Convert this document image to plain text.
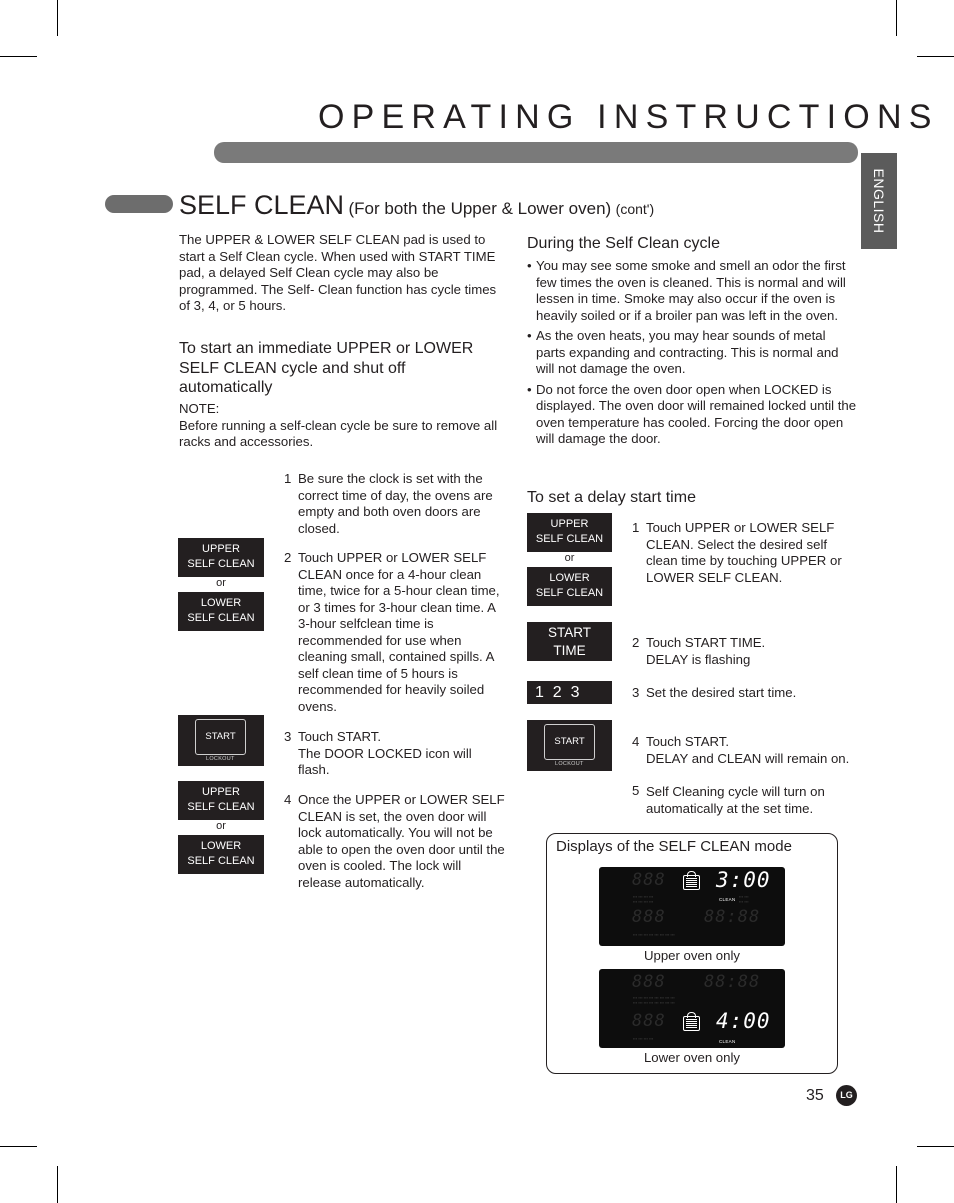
OPERATING INSTRUCTIONS
ENGLISH
SELF CLEAN (For both the Upper & Lower oven) (cont')
The UPPER & LOWER SELF CLEAN pad is used to start a Self Clean cycle. When used with START TIME pad, a delayed Self Clean cycle may also be programmed. The Self- Clean function has cycle times of 3, 4, or 5 hours.
To start an immediate UPPER or LOWER SELF CLEAN cycle and shut off automatically
NOTE:
Before running a self-clean cycle be sure to remove all racks and accessories.
1 Be sure the clock is set with the correct time of day, the ovens are empty and both oven doors are closed.
2 Touch UPPER or LOWER SELF CLEAN once for a 4-hour clean time, twice for a 5-hour clean time, or 3 times for 3-hour clean time. A 3-hour selfclean time is recommended for use when cleaning small, contained spills. A self clean time of 5 hours is recommended for heavily soiled ovens.
3 Touch START.
The DOOR LOCKED icon will flash.
4 Once the UPPER or LOWER SELF CLEAN is set, the oven door will lock automatically. You will not be able to open the oven door until the oven is cooled. The lock will release automatically.
UPPER
SELF CLEAN
or
LOWER
SELF CLEAN
START
LOCKOUT
UPPER
SELF CLEAN
or
LOWER
SELF CLEAN
During the Self Clean cycle
• You may see some smoke and smell an odor the first few times the oven is cleaned. This is normal and will lessen in time. Smoke may also occur if the oven is heavily soiled or if a broiler pan was left in the oven.
• As the oven heats, you may hear sounds of metal parts expanding and contracting. This is normal and will not damage the oven.
• Do not force the oven door open when LOCKED is displayed. The oven door will remained locked until the oven temperature has cooled. Forcing the door open will damage the door.
To set a delay start time
UPPER
SELF CLEAN
or
LOWER
SELF CLEAN
START
TIME
1  2  3
START
LOCKOUT
1 Touch UPPER or LOWER SELF CLEAN. Select the desired self clean time by touching UPPER or LOWER SELF CLEAN.
2 Touch START TIME.
DELAY is flashing
3 Set the desired start time.
4 Touch START.
DELAY and CLEAN will remain on.
5 Self Cleaning cycle will turn on automatically at the set time.
Displays of the SELF CLEAN mode
888 3:00
CLEAN
▪▪▪ ▪▪▪ ▪▪▪ ▪▪▪
▪▪▪ ▪▪▪ ▪▪▪ ▪▪▪
▪▪▪ ▪▪▪
▪▪▪ ▪▪▪
888 88:88
▪▪▪ ▪▪▪ ▪▪▪ ▪▪▪ ▪▪▪ ▪▪▪ ▪▪▪ ▪▪▪
Upper oven only
888 88:88
▪▪▪ ▪▪▪ ▪▪▪ ▪▪▪ ▪▪▪ ▪▪▪ ▪▪▪ ▪▪▪
▪▪▪ ▪▪▪ ▪▪▪ ▪▪▪ ▪▪▪ ▪▪▪ ▪▪▪ ▪▪▪
888 4:00
CLEAN
▪▪▪ ▪▪▪ ▪▪▪ ▪▪▪
Lower oven only
35	LG
